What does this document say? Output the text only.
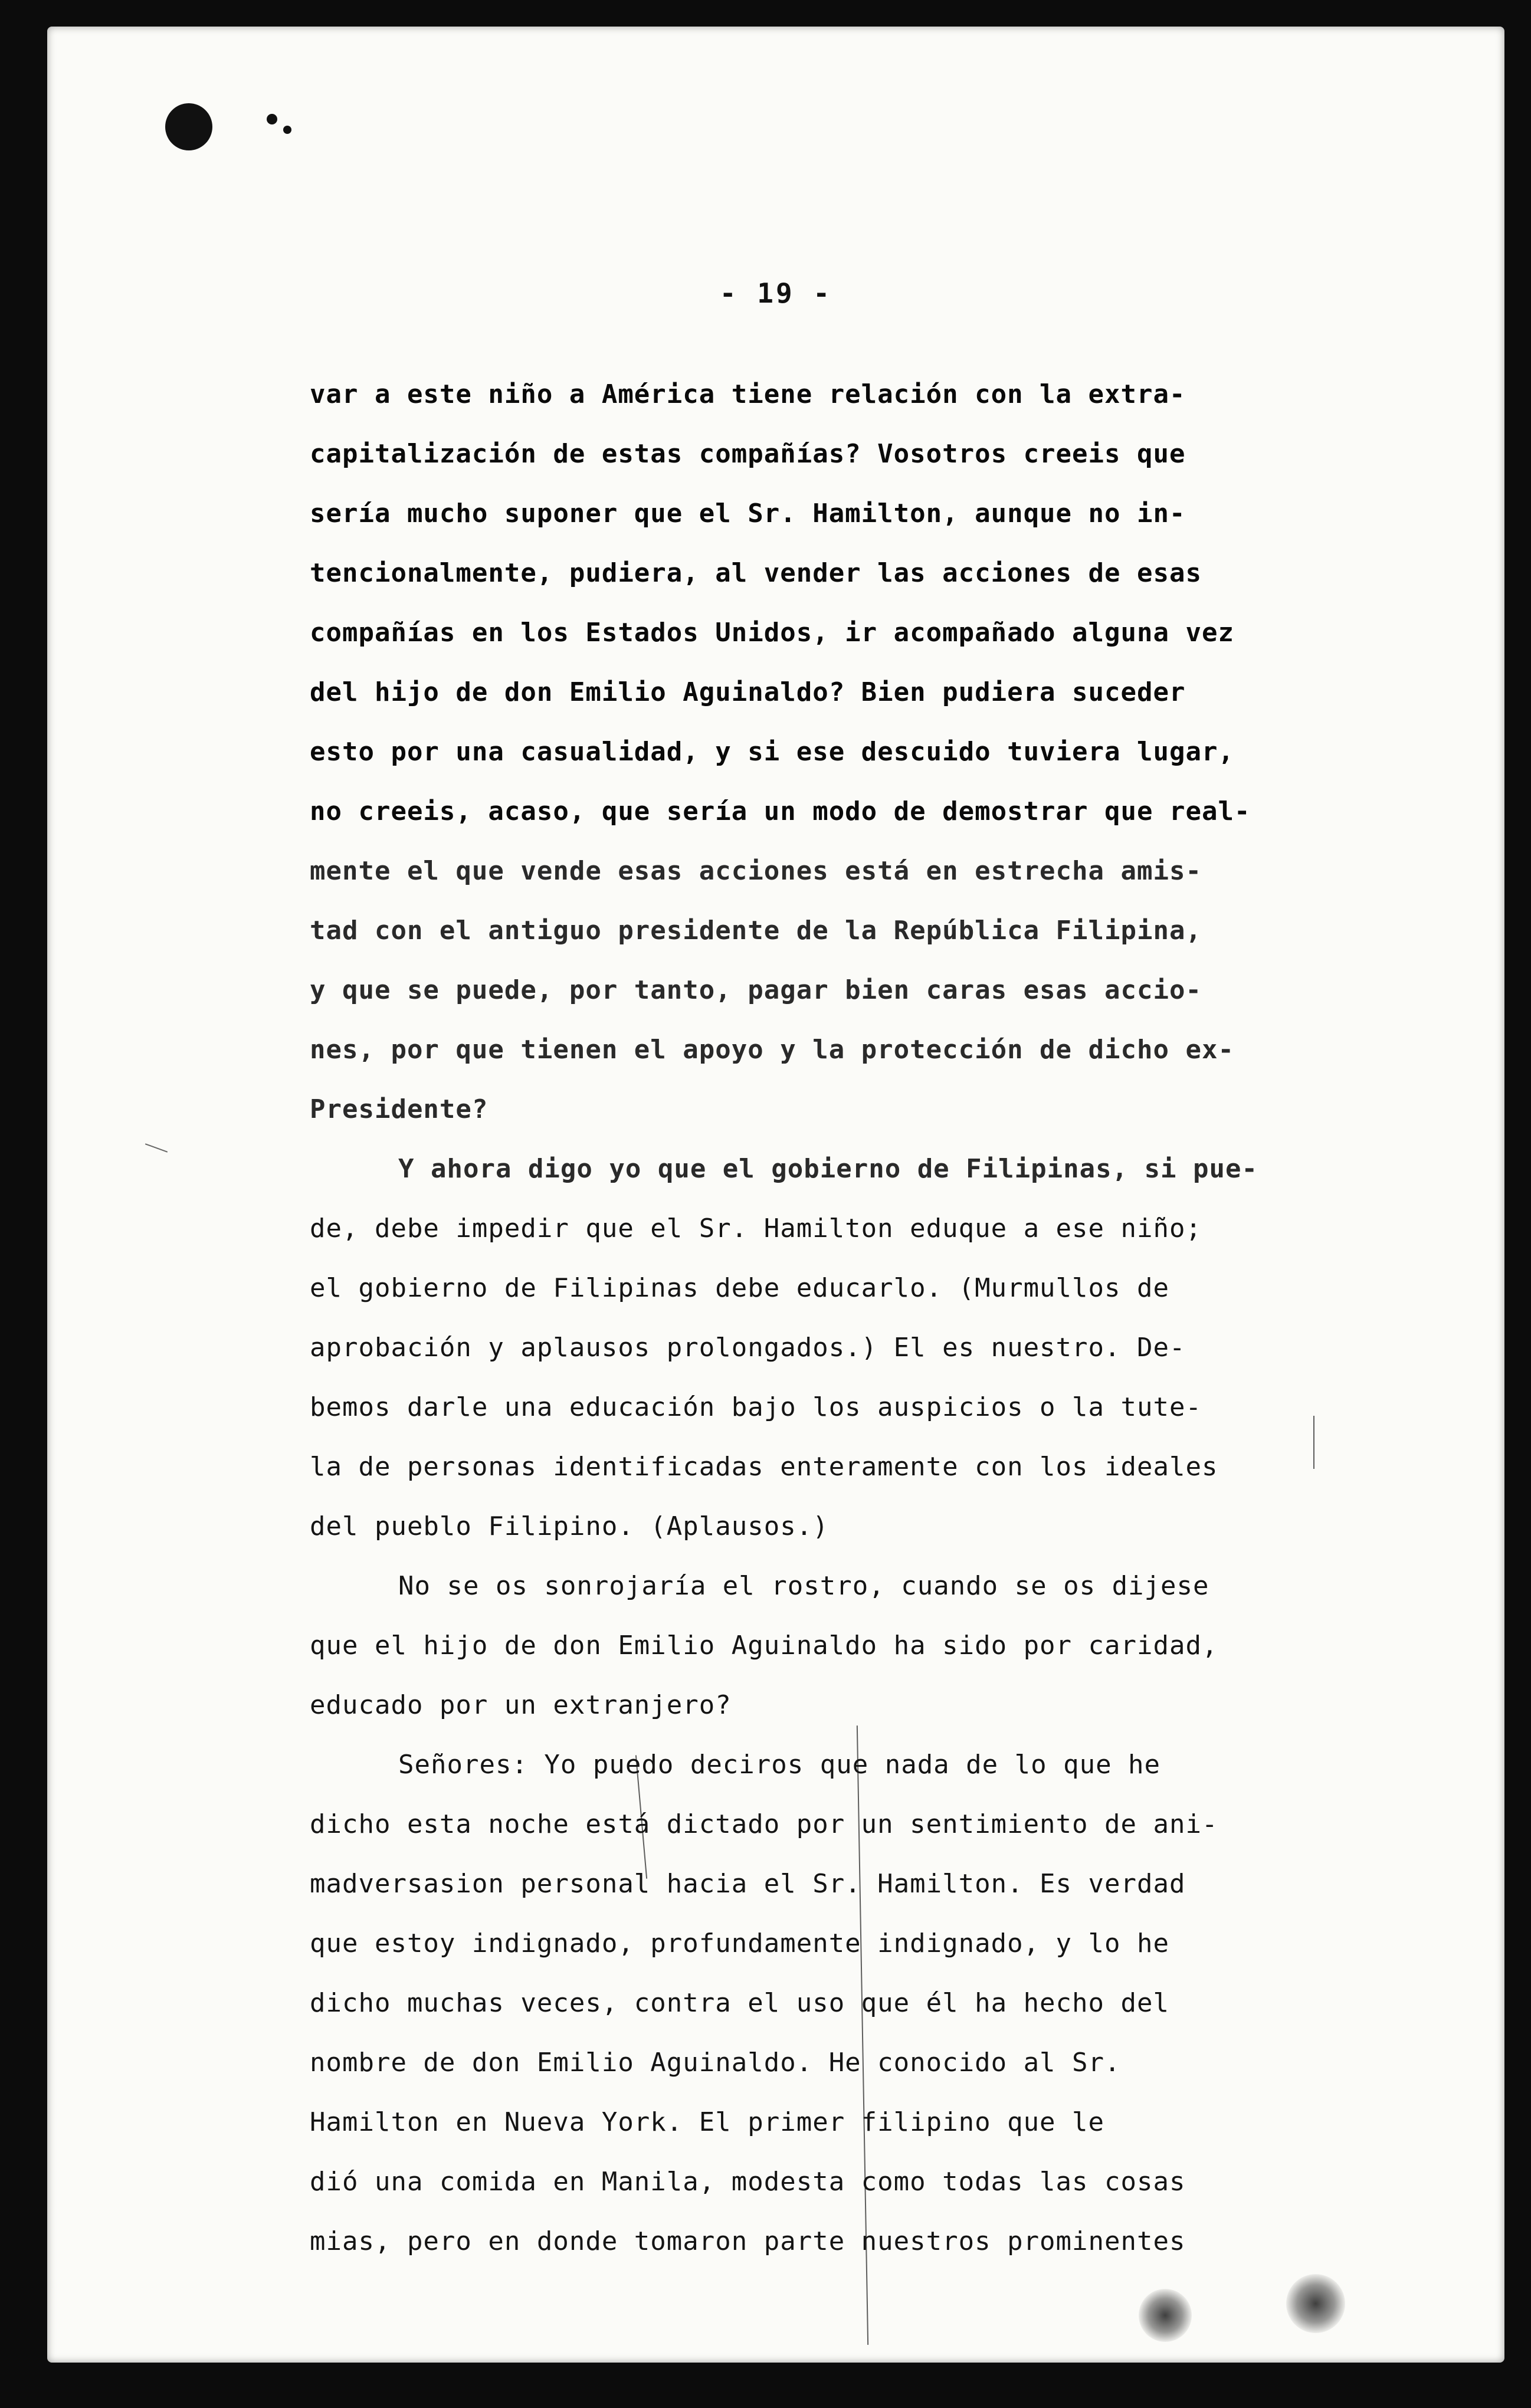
- 19 -
var a este niño a América tiene relación con la extra-
capitalización de estas compañías? Vosotros creeis que
sería mucho suponer que el Sr. Hamilton, aunque no in-
tencionalmente, pudiera, al vender las acciones de esas
compañías en los Estados Unidos, ir acompañado alguna vez
del hijo de don Emilio Aguinaldo? Bien pudiera suceder
esto por una casualidad, y si ese descuido tuviera lugar,
no creeis, acaso, que sería un modo de demostrar que real-
mente el que vende esas acciones está en estrecha amis-
tad con el antiguo presidente de la República Filipina,
y que se puede, por tanto, pagar bien caras esas accio-
nes, por que tienen el apoyo y la protección de dicho ex-
Presidente?
Y ahora digo yo que el gobierno de Filipinas, si pue-
de, debe impedir que el Sr. Hamilton eduque a ese niño;
el gobierno de Filipinas debe educarlo. (Murmullos de
aprobación y aplausos prolongados.) El es nuestro. De-
bemos darle una educación bajo los auspicios o la tute-
la de personas identificadas enteramente con los ideales
del pueblo Filipino. (Aplausos.)
No se os sonrojaría el rostro, cuando se os dijese
que el hijo de don Emilio Aguinaldo ha sido por caridad,
educado por un extranjero?
Señores: Yo puedo deciros que nada de lo que he
dicho esta noche está dictado por un sentimiento de ani-
madversasion personal hacia el Sr. Hamilton. Es verdad
que estoy indignado, profundamente indignado, y lo he
dicho muchas veces, contra el uso que él ha hecho del
nombre de don Emilio Aguinaldo. He conocido al Sr.
Hamilton en Nueva York. El primer filipino que le
dió una comida en Manila, modesta como todas las cosas
mias, pero en donde tomaron parte nuestros prominentes
